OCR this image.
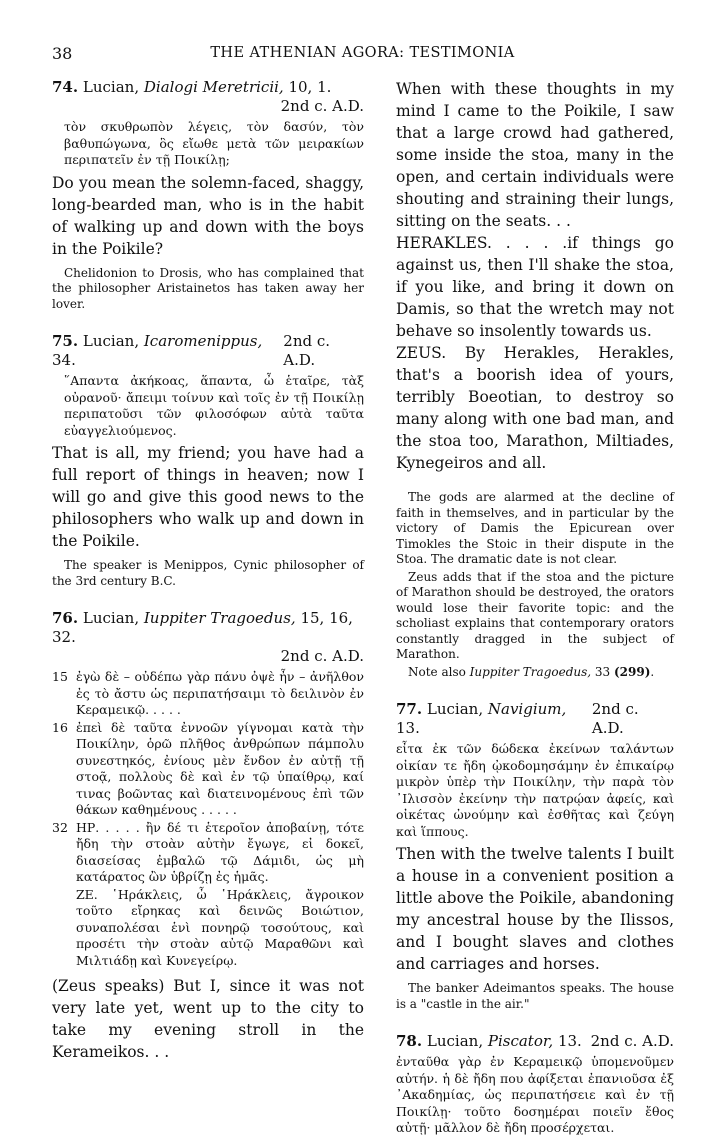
38	THE ATHENIAN AGORA: TESTIMONIA

74. Lucian, Dialogi Meretricii, 10, 1.

2nd c. A.D.

τὸν σκυθρωπὸν λέγεις, τὸν δασύν, τὸν βαθυπώγωνα, ὃς εἴωθε μετὰ τῶν μειρακίων περιπατεῖν ἐν τῇ Ποικίλῃ;

Do you mean the solemn-faced, shaggy, long-bearded man, who is in the habit of walking up and down with the boys in the Poikile?

Chelidonion to Drosis, who has complained that the philosopher Aristainetos has taken away her lover.

75. Lucian, Icaromenippus, 34.
2nd c. A.D.

῞Απαντα ἀκήκοας, ἅπαντα, ὦ ἑταῖρε, τὰξ οὐρανοῦ· ἄπειμι τοίνυν καὶ τοῖς ἐν τῇ Ποικίλῃ περιπατοῦσι τῶν φιλοσόφων αὐτὰ ταῦτα εὐαγγελιούμενος.

That is all, my friend; you have had a full report of things in heaven; now I will go and give this good news to the philosophers who walk up and down in the Poikile.

The speaker is Menippos, Cynic philosopher of the 3rd century B.C.

76. Lucian, Iuppiter Tragoedus, 15, 16, 32.

2nd c. A.D.

15 ἐγὼ δὲ – οὐδέπω γὰρ πάνυ ὀψὲ ἦν – ἀνῆλθον ἐς τὸ ἄστυ ὡς περιπατήσαιμι τὸ δειλινὸν ἐν Κεραμεικῷ. . . . .
16 ἐπεὶ δὲ ταῦτα ἐννοῶν γίγνομαι κατὰ τὴν Ποικίλην, ὁρῶ πλῆθος ἀνθρώπων πάμπολυ συνεστηκός, ἐνίους μὲν ἔνδον ἐν αὐτῇ τῇ στοᾷ, πολλοὺς δὲ καὶ ἐν τῷ ὑπαίθρῳ, καί τινας βοῶντας καὶ διατεινομένους ἐπὶ τῶν θάκων καθημένους . . . . .
32 ΗΡ. . . . . ἢν δέ τι ἑτεροῖον ἀποβαίνῃ, τότε ἤδη τὴν στοὰν αὐτὴν ἔγωγε, εἰ δοκεῖ, διασείσας ἐμβαλῶ τῷ Δάμιδι, ὡς μὴ κατάρατος ὢν ὑβρίζῃ ἐς ἡμᾶς.
ΖΕ. ῾Ηράκλεις, ὦ ῾Ηράκλεις, ἄγροικον τοῦτο εἴρηκας καὶ δεινῶς Βοιώτιον, συναπολέσαι ἑνὶ πονηρῷ τοσούτους, καὶ προσέτι τὴν στοὰν αὐτῷ Μαραθῶνι καὶ Μιλτιάδῃ καὶ Κυνεγείρῳ.

(Zeus speaks) But I, since it was not very late yet, went up to the city to take my evening stroll in the Kerameikos. . .

When with these thoughts in my mind I came to the Poikile, I saw that a large crowd had gathered, some inside the stoa, many in the open, and certain individuals were shouting and straining their lungs, sitting on the seats. . .

HERAKLES. . . . .if things go against us, then I'll shake the stoa, if you like, and bring it down on Damis, so that the wretch may not behave so insolently towards us.

ZEUS. By Herakles, Herakles, that's a boorish idea of yours, terribly Boeotian, to destroy so many along with one bad man, and the stoa too, Marathon, Miltiades, Kynegeiros and all.

The gods are alarmed at the decline of faith in themselves, and in particular by the victory of Damis the Epicurean over Timokles the Stoic in their dispute in the Stoa. The dramatic date is not clear.

Zeus adds that if the stoa and the picture of Marathon should be destroyed, the orators would lose their favorite topic: and the scholiast explains that contemporary orators constantly dragged in the subject of Marathon.

Note also Iuppiter Tragoedus, 33 (299).

77. Lucian, Navigium, 13.
2nd c. A.D.

εἶτα ἐκ τῶν δώδεκα ἐκείνων ταλάντων οἰκίαν τε ἤδη ᾠκοδομησάμην ἐν ἐπικαίρῳ μικρὸν ὑπὲρ τὴν Ποικίλην, τὴν παρὰ τὸν ᾿Ιλισσὸν ἐκείνην τὴν πατρῴαν ἀφείς, καὶ οἰκέτας ὠνούμην καὶ ἐσθῆτας καὶ ζεύγη καὶ ἵππους.

Then with the twelve talents I built a house in a convenient position a little above the Poikile, abandoning my ancestral house by the Ilissos, and I bought slaves and clothes and carriages and horses.

The banker Adeimantos speaks. The house is a "castle in the air."

78. Lucian, Piscator, 13. 2nd c. A.D.

ἐνταῦθα γὰρ ἐν Κεραμεικῷ ὑπομενοῦμεν αὐτήν. ἡ δὲ ἤδη που ἀφίξεται ἐπανιοῦσα ἐξ ᾿Ακαδημίας, ὡς περιπατήσειε καὶ ἐν τῇ Ποικίλῃ· τοῦτο δοσημέραι ποιεῖν ἔθος αὐτῇ· μᾶλλον δὲ ἤδη προσέρχεται.
